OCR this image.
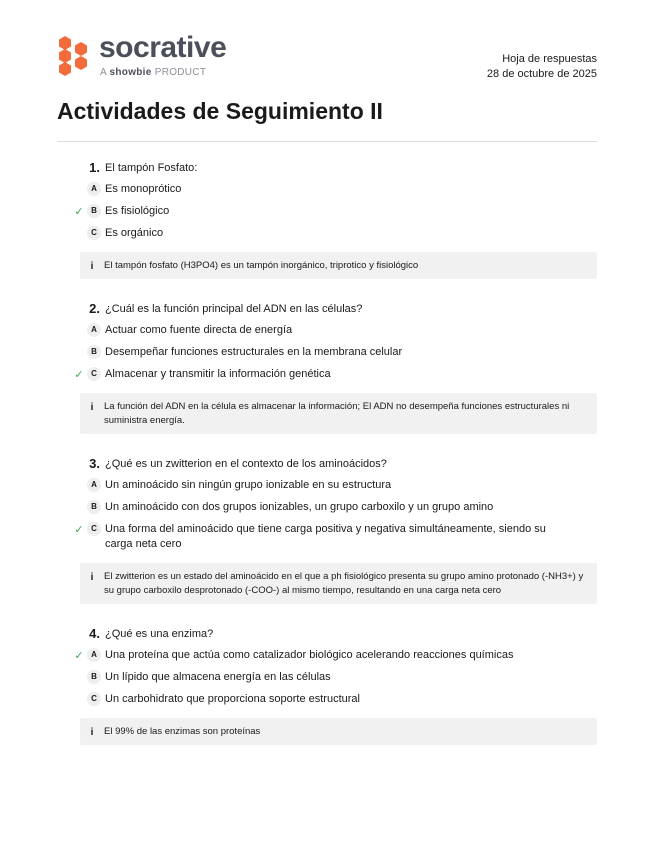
socrative
A showbie PRODUCT
Hoja de respuestas
28 de octubre de 2025
Actividades de Seguimiento II
1. El tampón Fosfato:
A Es monoprótico
✓ B Es fisiológico
C Es orgánico
i	El tampón fosfato (H3PO4) es un tampón inorgánico, triprotico y fisiológico
2. ¿Cuál es la función principal del ADN en las células?
A Actuar como fuente directa de energía
B Desempeñar funciones estructurales en la membrana celular
✓ C Almacenar y transmitir la información genética
i	La función del ADN en la célula es almacenar la información; El ADN no desempeña funciones estructurales ni suministra energía.
3. ¿Qué es un zwitterion en el contexto de los aminoácidos?
A Un aminoácido sin ningún grupo ionizable en su estructura
B Un aminoácido con dos grupos ionizables, un grupo carboxilo y un grupo amino
✓ C Una forma del aminoácido que tiene carga positiva y negativa simultáneamente, siendo su carga neta cero
i	El zwitterion es un estado del aminoácido en el que a ph fisiológico presenta su grupo amino protonado (-NH3+) y su grupo carboxilo desprotonado (-COO-) al mismo tiempo, resultando en una carga neta cero
4. ¿Qué es una enzima?
✓ A Una proteína que actúa como catalizador biológico acelerando reacciones químicas
B Un lípido que almacena energía en las células
C Un carbohidrato que proporciona soporte estructural
i	El 99% de las enzimas son proteínas
